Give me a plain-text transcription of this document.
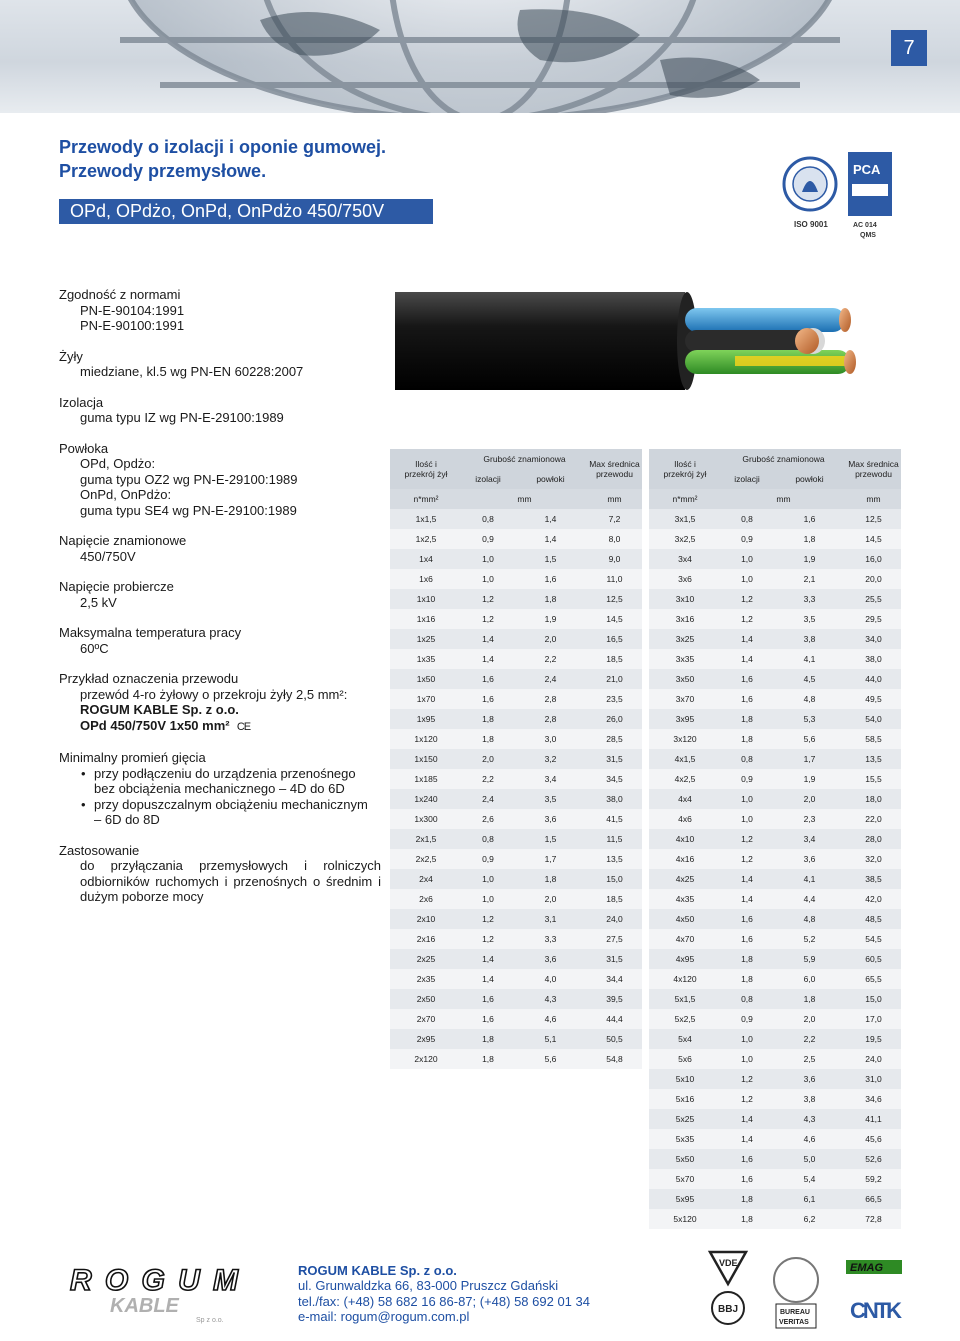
7
Przewody o izolacji i oponie gumowej.
Przewody przemysłowe.
OPd, OPdżo, OnPd, OnPdżo 450/750V
ISO 9001
PCA
AC 014
QMS
Zgodność z normami
PN-E-90104:1991
PN-E-90100:1991
Żyły
miedziane, kl.5 wg PN-EN 60228:2007
Izolacja
guma typu IZ wg PN-E-29100:1989
Powłoka
OPd, Opdżo:
guma typu OZ2 wg PN-E-29100:1989
OnPd, OnPdżo:
guma typu SE4 wg PN-E-29100:1989
Napięcie znamionowe
450/750V
Napięcie probiercze
2,5 kV
Maksymalna temperatura pracy
60ºC
Przykład oznaczenia przewodu
przewód 4-ro żyłowy o przekroju żyły 2,5 mm²:
ROGUM KABLE Sp. z o.o.
OPd 450/750V 1x50 mm² CE
Minimalny promień gięcia
• przy podłączeniu do urządzenia przenośnego
bez obciążenia mechanicznego – 4D do 6D
• przy dopuszczalnym obciążeniu mechanicznym
– 6D do 8D
Zastosowanie
do przyłączania przemysłowych i rolniczych odbiorników ruchomych i przenośnych o średnim i dużym poborze mocy
Ilość i
przekrój żył	Grubość znamionowa		Max średnica
przewodu
	izolacji	powłoki	
n*mm²	mm		mm
1x1,5	0,8	1,4	7,2
1x2,5	0,9	1,4	8,0
1x4	1,0	1,5	9,0
1x6	1,0	1,6	11,0
1x10	1,2	1,8	12,5
1x16	1,2	1,9	14,5
1x25	1,4	2,0	16,5
1x35	1,4	2,2	18,5
1x50	1,6	2,4	21,0
1x70	1,6	2,8	23,5
1x95	1,8	2,8	26,0
1x120	1,8	3,0	28,5
1x150	2,0	3,2	31,5
1x185	2,2	3,4	34,5
1x240	2,4	3,5	38,0
1x300	2,6	3,6	41,5
2x1,5	0,8	1,5	11,5
2x2,5	0,9	1,7	13,5
2x4	1,0	1,8	15,0
2x6	1,0	2,0	18,5
2x10	1,2	3,1	24,0
2x16	1,2	3,3	27,5
2x25	1,4	3,6	31,5
2x35	1,4	4,0	34,4
2x50	1,6	4,3	39,5
2x70	1,6	4,6	44,4
2x95	1,8	5,1	50,5
2x120	1,8	5,6	54,8
Ilość i
przekrój żył	Grubość znamionowa		Max średnica
przewodu
	izolacji	powłoki	
n*mm²	mm		mm
3x1,5	0,8	1,6	12,5
3x2,5	0,9	1,8	14,5
3x4	1,0	1,9	16,0
3x6	1,0	2,1	20,0
3x10	1,2	3,3	25,5
3x16	1,2	3,5	29,5
3x25	1,4	3,8	34,0
3x35	1,4	4,1	38,0
3x50	1,6	4,5	44,0
3x70	1,6	4,8	49,5
3x95	1,8	5,3	54,0
3x120	1,8	5,6	58,5
4x1,5	0,8	1,7	13,5
4x2,5	0,9	1,9	15,5
4x4	1,0	2,0	18,0
4x6	1,0	2,3	22,0
4x10	1,2	3,4	28,0
4x16	1,2	3,6	32,0
4x25	1,4	4,1	38,5
4x35	1,4	4,4	42,0
4x50	1,6	4,8	48,5
4x70	1,6	5,2	54,5
4x95	1,8	5,9	60,5
4x120	1,8	6,0	65,5
5x1,5	0,8	1,8	15,0
5x2,5	0,9	2,0	17,0
5x4	1,0	2,2	19,5
5x6	1,0	2,5	24,0
5x10	1,2	3,6	31,0
5x16	1,2	3,8	34,6
5x25	1,4	4,3	41,1
5x35	1,4	4,6	45,6
5x50	1,6	5,0	52,6
5x70	1,6	5,4	59,2
5x95	1,8	6,1	66,5
5x120	1,8	6,2	72,8
ROGUM
KABLE
Sp z o.o.
ROGUM KABLE Sp. z o.o.
ul. Grunwaldzka 66, 83-000 Pruszcz Gdański
tel./fax: (+48) 58 682 16 86-87; (+48) 58 692 01 34
e-mail: rogum@rogum.com.pl
VDE
BBJ	BUREAU
VERITAS
EMAG
CNTK
